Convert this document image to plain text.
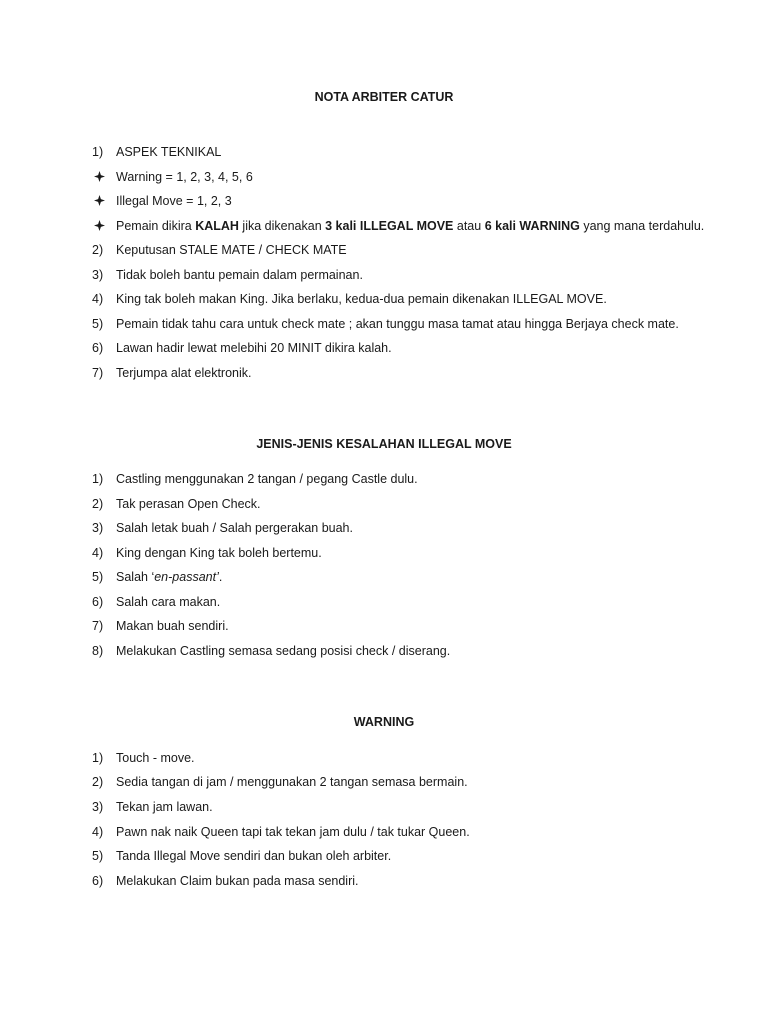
NOTA ARBITER CATUR
1)	ASPEK TEKNIKAL
Warning = 1, 2, 3, 4, 5, 6
Illegal Move = 1, 2, 3
Pemain dikira KALAH jika dikenakan 3 kali ILLEGAL MOVE atau 6 kali WARNING yang mana terdahulu.
2)	Keputusan STALE MATE / CHECK MATE
3)	Tidak boleh bantu pemain dalam permainan.
4)	King tak boleh makan King. Jika berlaku, kedua-dua pemain dikenakan ILLEGAL MOVE.
5)	Pemain tidak tahu cara untuk check mate ; akan tunggu masa tamat atau hingga Berjaya check mate.
6)	Lawan hadir lewat melebihi 20 MINIT dikira kalah.
7)	Terjumpa alat elektronik.
JENIS-JENIS KESALAHAN ILLEGAL MOVE
1)	Castling menggunakan 2 tangan / pegang Castle dulu.
2)	Tak perasan Open Check.
3)	Salah letak buah / Salah pergerakan buah.
4)	King dengan King tak boleh bertemu.
5)	Salah ‘en-passant’.
6)	Salah cara makan.
7)	Makan buah sendiri.
8)	Melakukan Castling semasa sedang posisi check / diserang.
WARNING
1)	Touch - move.
2)	Sedia tangan di jam / menggunakan 2 tangan semasa bermain.
3)	Tekan jam lawan.
4)	Pawn nak naik Queen tapi tak tekan jam dulu / tak tukar Queen.
5)	Tanda Illegal Move sendiri dan bukan oleh arbiter.
6)	Melakukan Claim bukan pada masa sendiri.
